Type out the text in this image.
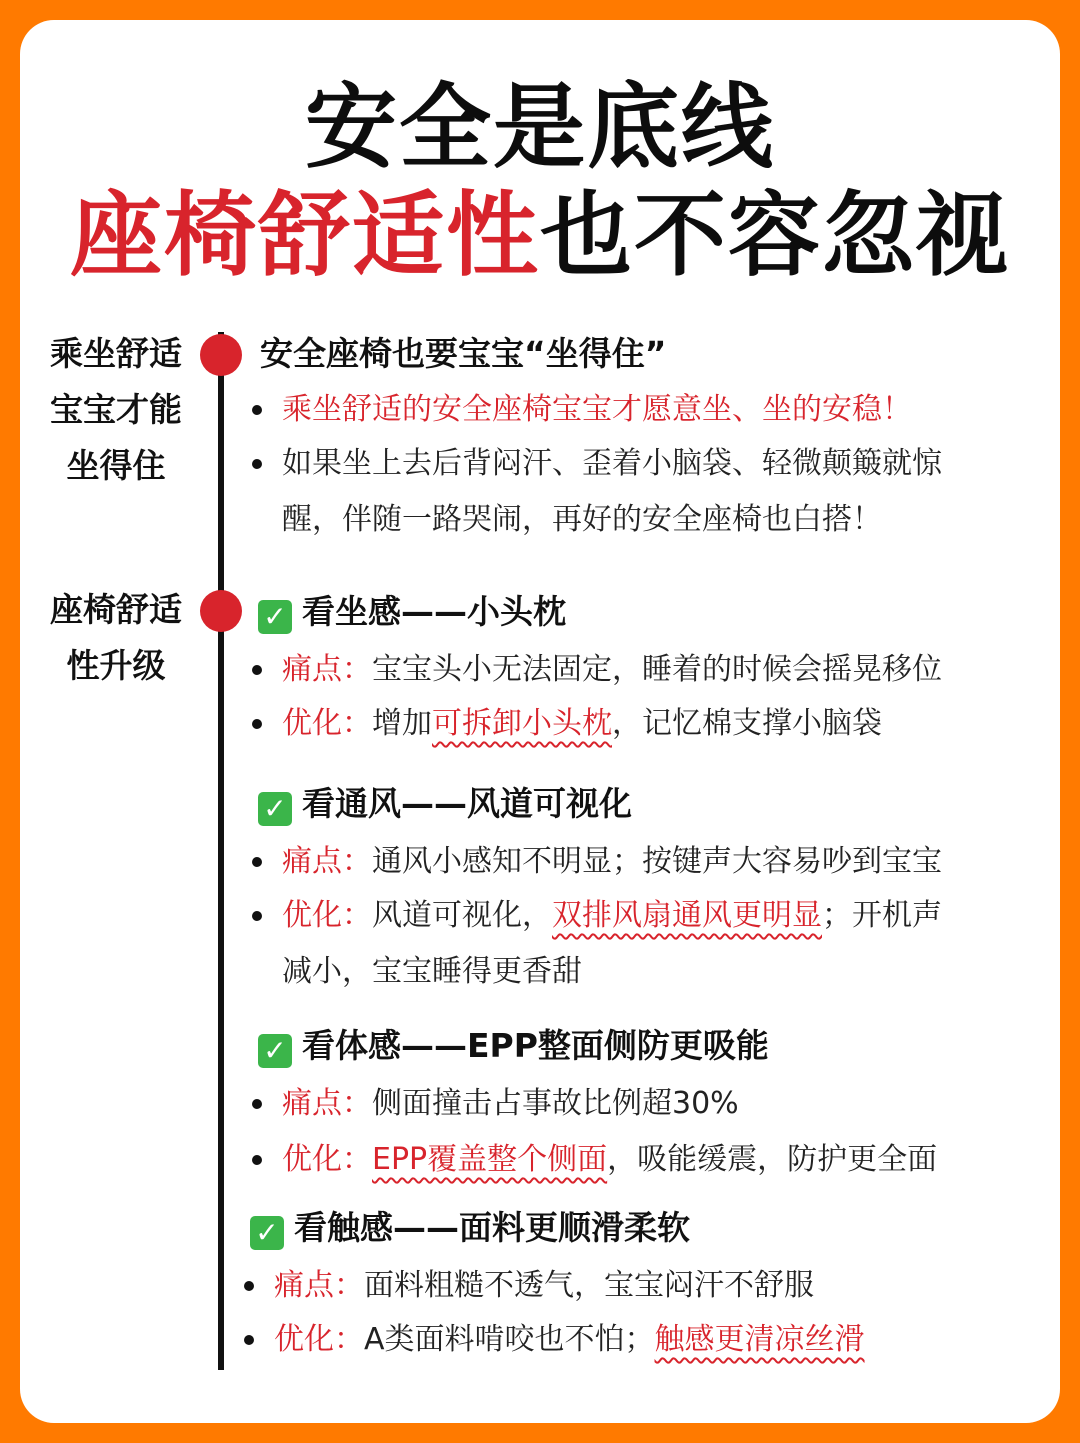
安全是底线
座椅舒适性也不容忽视
乘坐舒适
宝宝才能
坐得住
安全座椅也要宝宝“坐得住”
乘坐舒适的安全座椅宝宝才愿意坐、坐的安稳！
如果坐上去后背闷汗、歪着小脑袋、轻微颠簸就惊
醒，伴随一路哭闹，再好的安全座椅也白搭！
座椅舒适
性升级
✓ 看坐感——小头枕
痛点：宝宝头小无法固定，睡着的时候会摇晃移位
优化：增加可拆卸小头枕，记忆棉支撑小脑袋
✓ 看通风——风道可视化
痛点：通风小感知不明显；按键声大容易吵到宝宝
优化：风道可视化，双排风扇通风更明显；开机声
减小，宝宝睡得更香甜
✓ 看体感——EPP整面侧防更吸能
痛点：侧面撞击占事故比例超30%
优化：EPP覆盖整个侧面，吸能缓震，防护更全面
✓ 看触感——面料更顺滑柔软
痛点：面料粗糙不透气，宝宝闷汗不舒服
优化：A类面料啃咬也不怕；触感更清凉丝滑
